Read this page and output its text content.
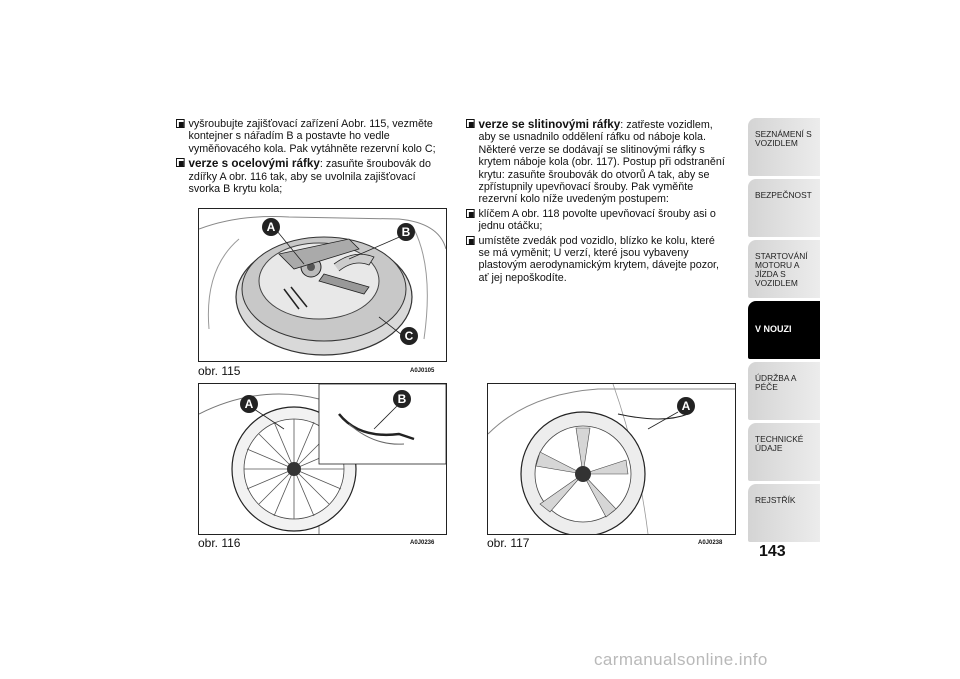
vyšroubujte zajišťovací zařízení Aobr. 115, vezměte kontejner s nářadím B a postavte ho vedle vyměňovacého kola. Pak vytáhněte rezervní kolo C;
verze s ocelovými ráfky: zasuňte šroubovák do zdířky A obr. 116 tak, aby se uvolnila zajišťovací svorka B krytu kola;
verze se slitinovými ráfky: zatřeste vozidlem, aby se usnadnilo oddělení ráfku od náboje kola. Některé verze se dodávají se slitinovými ráfky s krytem náboje kola (obr. 117). Postup při odstranění krytu: zasuňte šroubovák do otvorů A tak, aby se zpřístupnily upevňovací šrouby. Pak vyměňte rezervní kolo níže uvedeným postupem:
klíčem A obr. 118 povolte upevňovací šrouby asi o jednu otáčku;
umístěte zvedák pod vozidlo, blízko ke kolu, které se má vyměnit; U verzí, které jsou vybaveny plastovým aerodynamickým krytem, dávejte pozor, ať jej nepoškodíte.
A	B
C
obr. 115	A0J0105
A	B
obr. 116	A0J0236
A
obr. 117	A0J0238
SEZNÁMENÍ S VOZIDLEM
BEZPEČNOST
STARTOVÁNÍ MOTORU A JÍZDA S VOZIDLEM
V NOUZI
ÚDRŽBA A PÉČE
TECHNICKÉ ÚDAJE
REJSTŘÍK
143
carmanualsonline.info
